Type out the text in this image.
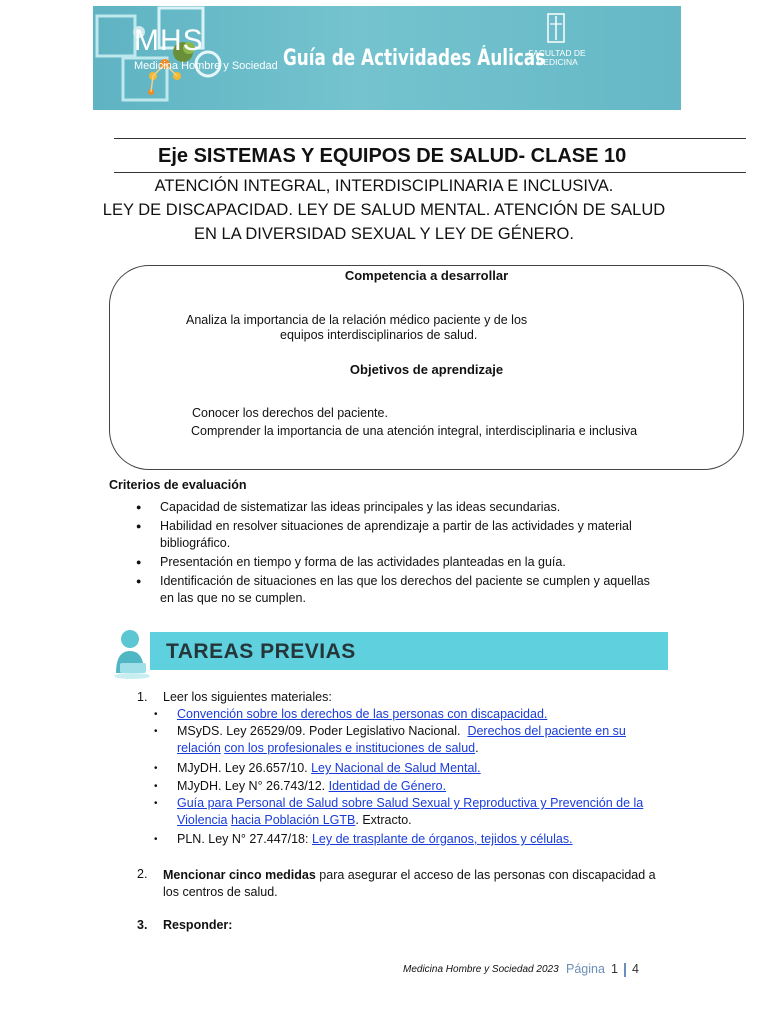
MHS
Medicina Hombre y Sociedad Guía de Actividades Áulicas
FACULTAD DE MEDICINA
Eje SISTEMAS Y EQUIPOS DE SALUD- CLASE 10
ATENCIÓN INTEGRAL, INTERDISCIPLINARIA E INCLUSIVA.
LEY DE DISCAPACIDAD. LEY DE SALUD MENTAL. ATENCIÓN DE SALUD
EN LA DIVERSIDAD SEXUAL Y LEY DE GÉNERO.
Competencia a desarrollar
Analiza la importancia de la relación médico paciente y de los
equipos interdisciplinarios de salud.
Objetivos de aprendizaje
Conocer los derechos del paciente.
Comprender la importancia de una atención integral, interdisciplinaria e inclusiva
Criterios de evaluación
● Capacidad de sistematizar las ideas principales y las ideas secundarias.
● Habilidad en resolver situaciones de aprendizaje a partir de las actividades y material bibliográfico.
● Presentación en tiempo y forma de las actividades planteadas en la guía.
● Identificación de situaciones en las que los derechos del paciente se cumplen y aquellas en las que no se cumplen.
TAREAS PREVIAS
1. Leer los siguientes materiales:
• Convención sobre los derechos de las personas con discapacidad.
• MSyDS. Ley 26529/09. Poder Legislativo Nacional. Derechos del paciente en su
relación con los profesionales e instituciones de salud.
• MJyDH. Ley 26.657/10. Ley Nacional de Salud Mental.
• MJyDH. Ley N° 26.743/12. Identidad de Género.
• Guía para Personal de Salud sobre Salud Sexual y Reproductiva y Prevención de la
Violencia hacia Población LGTB. Extracto.
• PLN. Ley N° 27.447/18: Ley de trasplante de órganos, tejidos y células.
2. Mencionar cinco medidas para asegurar el acceso de las personas con discapacidad a
los centros de salud.
3. Responder:
Medicina Hombre y Sociedad 2023 Página 1 4
